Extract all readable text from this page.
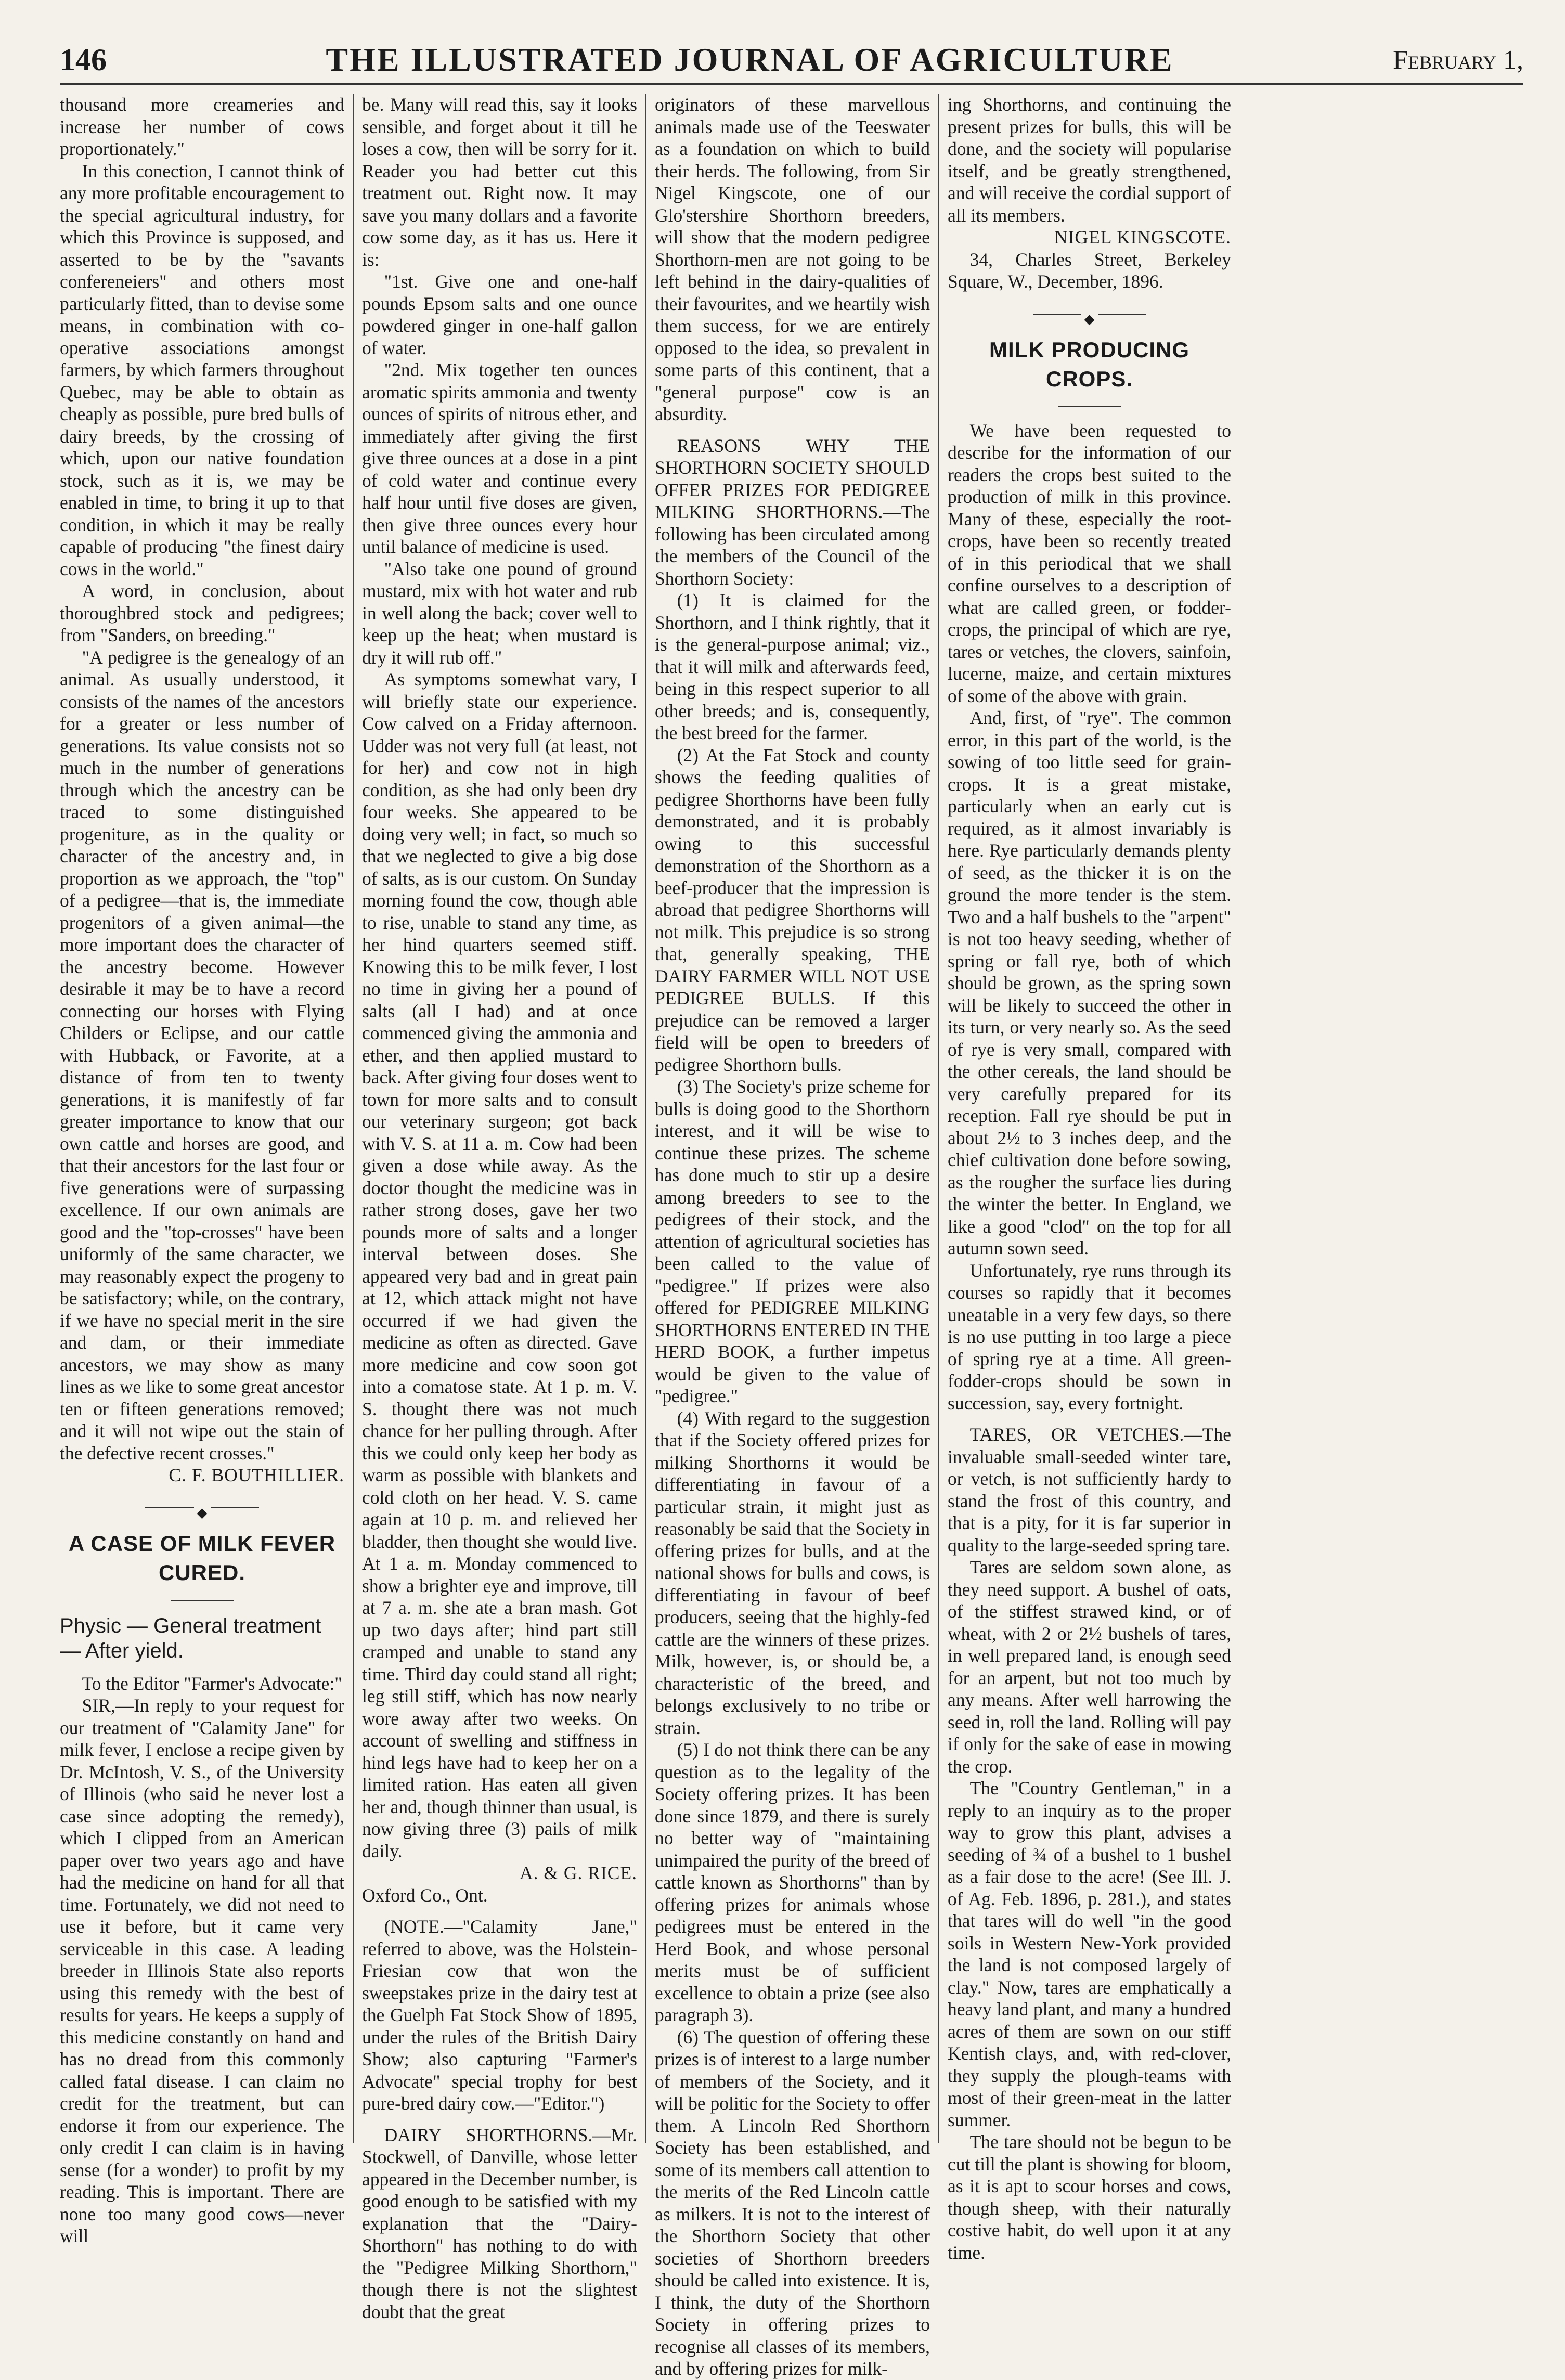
146	THE ILLUSTRATED JOURNAL OF AGRICULTURE	February 1,

thousand more creameries and increase her number of cows proportionately."

In this conection, I cannot think of any more profitable encouragement to the special agricultural industry, for which this Province is supposed, and asserted to be by the "savants confereneiers" and others most particularly fitted, than to devise some means, in combination with co-operative associations amongst farmers, by which farmers throughout Quebec, may be able to obtain as cheaply as possible, pure bred bulls of dairy breeds, by the crossing of which, upon our native foundation stock, such as it is, we may be enabled in time, to bring it up to that condition, in which it may be really capable of producing "the finest dairy cows in the world."

A word, in conclusion, about thoroughbred stock and pedigrees; from "Sanders, on breeding."

"A pedigree is the genealogy of an animal. As usually understood, it consists of the names of the ancestors for a greater or less number of generations. Its value consists not so much in the number of generations through which the ancestry can be traced to some distinguished progeniture, as in the quality or character of the ancestry and, in proportion as we approach, the "top" of a pedigree—that is, the immediate progenitors of a given animal—the more important does the character of the ancestry become. However desirable it may be to have a record connecting our horses with Flying Childers or Eclipse, and our cattle with Hubback, or Favorite, at a distance of from ten to twenty generations, it is manifestly of far greater importance to know that our own cattle and horses are good, and that their ancestors for the last four or five generations were of surpassing excellence. If our own animals are good and the "top-crosses" have been uniformly of the same character, we may reasonably expect the progeny to be satisfactory; while, on the contrary, if we have no special merit in the sire and dam, or their immediate ancestors, we may show as many lines as we like to some great ancestor ten or fifteen generations removed; and it will not wipe out the stain of the defective recent crosses."

C. F. BOUTHILLIER.

◆
A CASE OF MILK FEVER CURED.
Physic — General treatment — After yield.

To the Editor "Farmer's Advocate:"

SIR,—In reply to your request for our treatment of "Calamity Jane" for milk fever, I enclose a recipe given by Dr. McIntosh, V. S., of the University of Illinois (who said he never lost a case since adopting the remedy), which I clipped from an American paper over two years ago and have had the medicine on hand for all that time. Fortunately, we did not need to use it before, but it came very serviceable in this case. A leading breeder in Illinois State also reports using this remedy with the best of results for years. He keeps a supply of this medicine constantly on hand and has no dread from this commonly called fatal disease. I can claim no credit for the treatment, but can endorse it from our experience. The only credit I can claim is in having sense (for a wonder) to profit by my reading. This is important. There are none too many good cows—never will

be. Many will read this, say it looks sensible, and forget about it till he loses a cow, then will be sorry for it. Reader you had better cut this treatment out. Right now. It may save you many dollars and a favorite cow some day, as it has us. Here it is:

"1st. Give one and one-half pounds Epsom salts and one ounce powdered ginger in one-half gallon of water.

"2nd. Mix together ten ounces aromatic spirits ammonia and twenty ounces of spirits of nitrous ether, and immediately after giving the first give three ounces at a dose in a pint of cold water and continue every half hour until five doses are given, then give three ounces every hour until balance of medicine is used.

"Also take one pound of ground mustard, mix with hot water and rub in well along the back; cover well to keep up the heat; when mustard is dry it will rub off."

As symptoms somewhat vary, I will briefly state our experience. Cow calved on a Friday afternoon. Udder was not very full (at least, not for her) and cow not in high condition, as she had only been dry four weeks. She appeared to be doing very well; in fact, so much so that we neglected to give a big dose of salts, as is our custom. On Sunday morning found the cow, though able to rise, unable to stand any time, as her hind quarters seemed stiff. Knowing this to be milk fever, I lost no time in giving her a pound of salts (all I had) and at once commenced giving the ammonia and ether, and then applied mustard to back. After giving four doses went to town for more salts and to consult our veterinary surgeon; got back with V. S. at 11 a. m. Cow had been given a dose while away. As the doctor thought the medicine was in rather strong doses, gave her two pounds more of salts and a longer interval between doses. She appeared very bad and in great pain at 12, which attack might not have occurred if we had given the medicine as often as directed. Gave more medicine and cow soon got into a comatose state. At 1 p. m. V. S. thought there was not much chance for her pulling through. After this we could only keep her body as warm as possible with blankets and cold cloth on her head. V. S. came again at 10 p. m. and relieved her bladder, then thought she would live. At 1 a. m. Monday commenced to show a brighter eye and improve, till at 7 a. m. she ate a bran mash. Got up two days after; hind part still cramped and unable to stand any time. Third day could stand all right; leg still stiff, which has now nearly wore away after two weeks. On account of swelling and stiffness in hind legs have had to keep her on a limited ration. Has eaten all given her and, though thinner than usual, is now giving three (3) pails of milk daily.

A. & G. RICE.

Oxford Co., Ont.

(NOTE.—"Calamity Jane," referred to above, was the Holstein-Friesian cow that won the sweepstakes prize in the dairy test at the Guelph Fat Stock Show of 1895, under the rules of the British Dairy Show; also capturing "Farmer's Advocate" special trophy for best pure-bred dairy cow.—"Editor.")

DAIRY SHORTHORNS.—Mr. Stockwell, of Danville, whose letter appeared in the December number, is good enough to be satisfied with my explanation that the "Dairy-Shorthorn" has nothing to do with the "Pedigree Milking Shorthorn," though there is not the slightest doubt that the great

originators of these marvellous animals made use of the Teeswater as a foundation on which to build their herds. The following, from Sir Nigel Kingscote, one of our Glo'stershire Shorthorn breeders, will show that the modern pedigree Shorthorn-men are not going to be left behind in the dairy-qualities of their favourites, and we heartily wish them success, for we are entirely opposed to the idea, so prevalent in some parts of this continent, that a "general purpose" cow is an absurdity.

REASONS WHY THE SHORTHORN SOCIETY SHOULD OFFER PRIZES FOR PEDIGREE MILKING SHORTHORNS.—The following has been circulated among the members of the Council of the Shorthorn Society:

(1) It is claimed for the Shorthorn, and I think rightly, that it is the general-purpose animal; viz., that it will milk and afterwards feed, being in this respect superior to all other breeds; and is, consequently, the best breed for the farmer.

(2) At the Fat Stock and county shows the feeding qualities of pedigree Shorthorns have been fully demonstrated, and it is probably owing to this successful demonstration of the Shorthorn as a beef-producer that the impression is abroad that pedigree Shorthorns will not milk. This prejudice is so strong that, generally speaking, THE DAIRY FARMER WILL NOT USE PEDIGREE BULLS. If this prejudice can be removed a larger field will be open to breeders of pedigree Shorthorn bulls.

(3) The Society's prize scheme for bulls is doing good to the Shorthorn interest, and it will be wise to continue these prizes. The scheme has done much to stir up a desire among breeders to see to the pedigrees of their stock, and the attention of agricultural societies has been called to the value of "pedigree." If prizes were also offered for PEDIGREE MILKING SHORTHORNS ENTERED IN THE HERD BOOK, a further impetus would be given to the value of "pedigree."

(4) With regard to the suggestion that if the Society offered prizes for milking Shorthorns it would be differentiating in favour of a particular strain, it might just as reasonably be said that the Society in offering prizes for bulls, and at the national shows for bulls and cows, is differentiating in favour of beef producers, seeing that the highly-fed cattle are the winners of these prizes. Milk, however, is, or should be, a characteristic of the breed, and belongs exclusively to no tribe or strain.

(5) I do not think there can be any question as to the legality of the Society offering prizes. It has been done since 1879, and there is surely no better way of "maintaining unimpaired the purity of the breed of cattle known as Shorthorns" than by offering prizes for animals whose pedigrees must be entered in the Herd Book, and whose personal merits must be of sufficient excellence to obtain a prize (see also paragraph 3).

(6) The question of offering these prizes is of interest to a large number of members of the Society, and it will be politic for the Society to offer them. A Lincoln Red Shorthorn Society has been established, and some of its members call attention to the merits of the Red Lincoln cattle as milkers. It is not to the interest of the Shorthorn Society that other societies of Shorthorn breeders should be called into existence. It is, I think, the duty of the Shorthorn Society in offering prizes to recognise all classes of its members, and by offering prizes for milk-

ing Shorthorns, and continuing the present prizes for bulls, this will be done, and the society will popularise itself, and be greatly strengthened, and will receive the cordial support of all its members.

NIGEL KINGSCOTE.

34, Charles Street, Berkeley Square, W., December, 1896.

◆
MILK PRODUCING CROPS.

We have been requested to describe for the information of our readers the crops best suited to the production of milk in this province. Many of these, especially the root-crops, have been so recently treated of in this periodical that we shall confine ourselves to a description of what are called green, or fodder-crops, the principal of which are rye, tares or vetches, the clovers, sainfoin, lucerne, maize, and certain mixtures of some of the above with grain.

And, first, of "rye". The common error, in this part of the world, is the sowing of too little seed for grain-crops. It is a great mistake, particularly when an early cut is required, as it almost invariably is here. Rye particularly demands plenty of seed, as the thicker it is on the ground the more tender is the stem. Two and a half bushels to the "arpent" is not too heavy seeding, whether of spring or fall rye, both of which should be grown, as the spring sown will be likely to succeed the other in its turn, or very nearly so. As the seed of rye is very small, compared with the other cereals, the land should be very carefully prepared for its reception. Fall rye should be put in about 2½ to 3 inches deep, and the chief cultivation done before sowing, as the rougher the surface lies during the winter the better. In England, we like a good "clod" on the top for all autumn sown seed.

Unfortunately, rye runs through its courses so rapidly that it becomes uneatable in a very few days, so there is no use putting in too large a piece of spring rye at a time. All green-fodder-crops should be sown in succession, say, every fortnight.

TARES, OR VETCHES.—The invaluable small-seeded winter tare, or vetch, is not sufficiently hardy to stand the frost of this country, and that is a pity, for it is far superior in quality to the large-seeded spring tare.

Tares are seldom sown alone, as they need support. A bushel of oats, of the stiffest strawed kind, or of wheat, with 2 or 2½ bushels of tares, in well prepared land, is enough seed for an arpent, but not too much by any means. After well harrowing the seed in, roll the land. Rolling will pay if only for the sake of ease in mowing the crop.

The "Country Gentleman," in a reply to an inquiry as to the proper way to grow this plant, advises a seeding of ¾ of a bushel to 1 bushel as a fair dose to the acre! (See Ill. J. of Ag. Feb. 1896, p. 281.), and states that tares will do well "in the good soils in Western New-York provided the land is not composed largely of clay." Now, tares are emphatically a heavy land plant, and many a hundred acres of them are sown on our stiff Kentish clays, and, with red-clover, they supply the plough-teams with most of their green-meat in the latter summer.

The tare should not be begun to be cut till the plant is showing for bloom, as it is apt to scour horses and cows, though sheep, with their naturally costive habit, do well upon it at any time.
